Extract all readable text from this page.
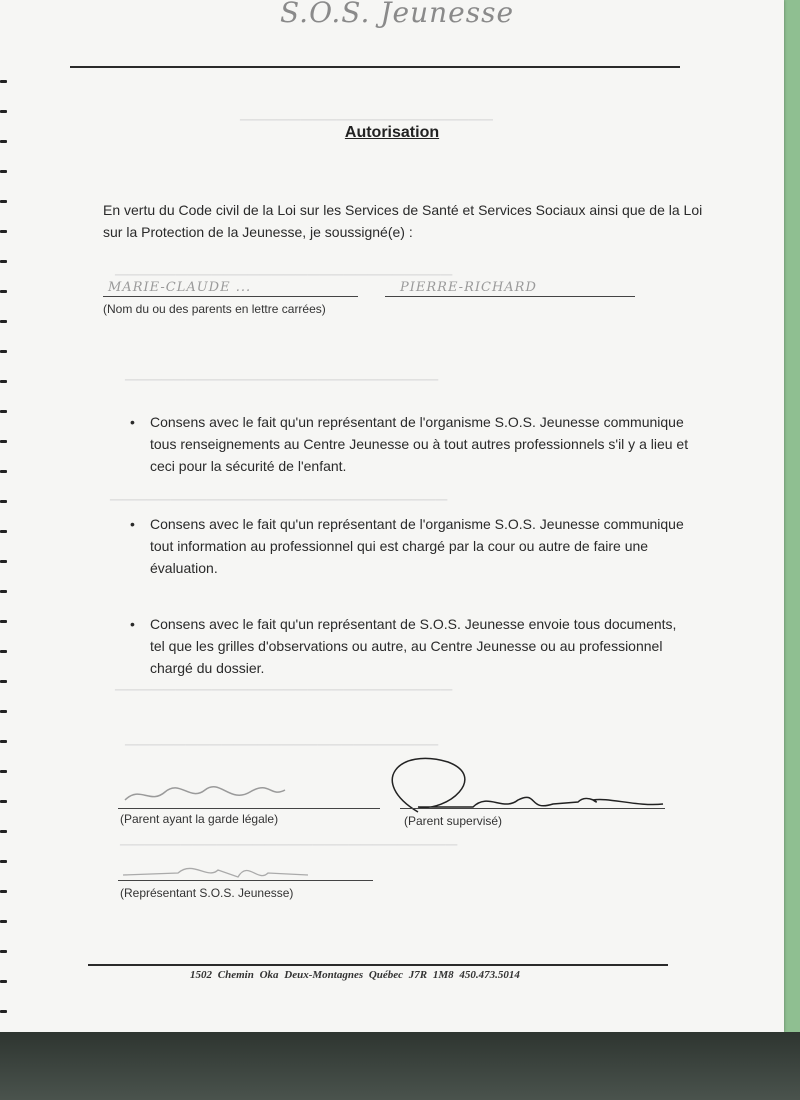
S.O.S. Jeunesse
─────────────────────
────────────────────────────
──────────────────────────
────────────────────────────
────────────────────────────
──────────────────────────
────────────────────────────
Autorisation
En vertu du Code civil de la Loi sur les Services de Santé et Services Sociaux ainsi que de la Loi sur la Protection de la Jeunesse, je soussigné(e) :
MARIE-CLAUDE ...	PIERRE-RICHARD
(Nom du ou des parents en lettre carrées)
• Consens avec le fait qu'un représentant de l'organisme S.O.S. Jeunesse communique tous renseignements au Centre Jeunesse ou à tout autres professionnels s'il y a lieu et ceci pour la sécurité de l'enfant.
• Consens avec le fait qu'un représentant de l'organisme S.O.S. Jeunesse communique tout information au professionnel qui est chargé par la cour ou autre de faire une évaluation.
• Consens avec le fait qu'un représentant de S.O.S. Jeunesse envoie tous documents, tel que les grilles d'observations ou autre, au Centre Jeunesse ou au professionnel chargé du dossier.
(Parent ayant la garde légale)	(Parent supervisé)
(Représentant S.O.S. Jeunesse)
1502 Chemin Oka Deux-Montagnes Québec J7R 1M8 450.473.5014
